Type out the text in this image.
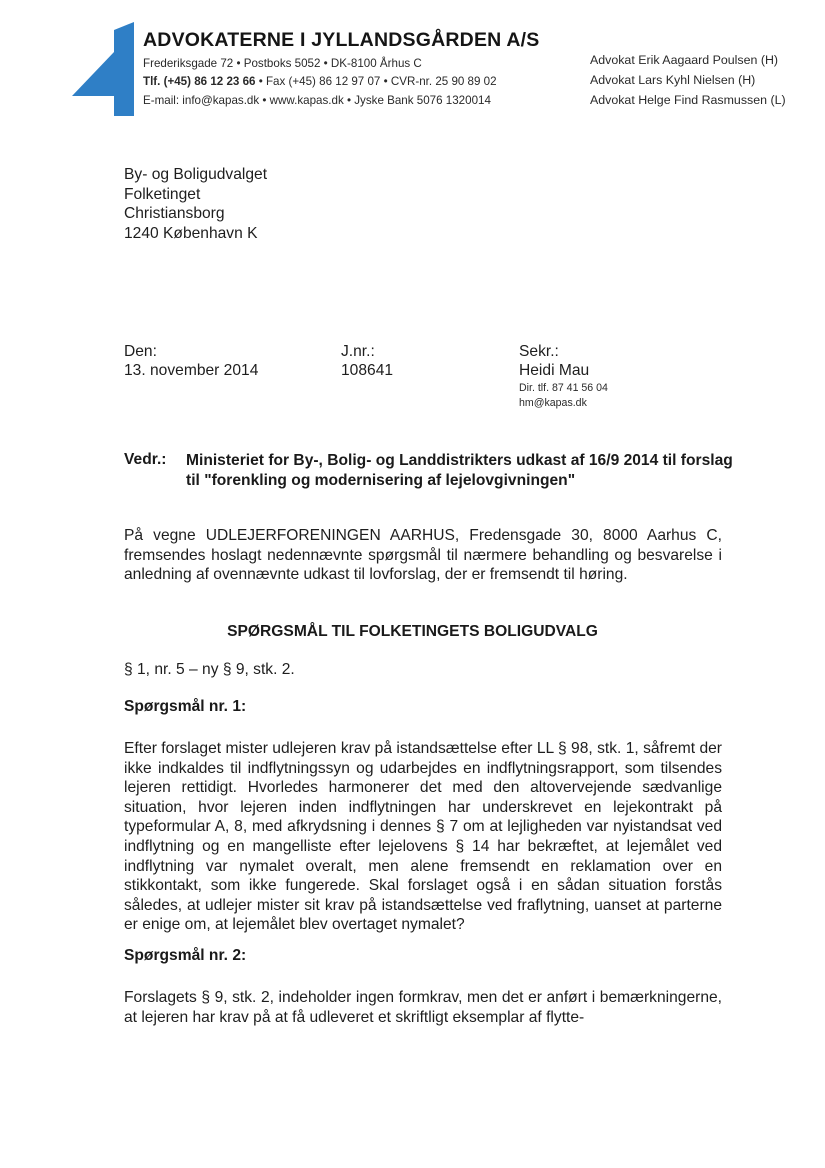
ADVOKATERNE I JYLLANDSGÅRDEN A/S
Frederiksgade 72 • Postboks 5052 • DK-8100 Århus C
Tlf. (+45) 86 12 23 66 • Fax (+45) 86 12 97 07 • CVR-nr. 25 90 89 02
E-mail: info@kapas.dk • www.kapas.dk • Jyske Bank 5076 1320014
Advokat Erik Aagaard Poulsen (H)
Advokat Lars Kyhl Nielsen (H)
Advokat Helge Find Rasmussen (L)
By- og Boligudvalget
Folketinget
Christiansborg
1240 København K
Den:
13. november 2014
J.nr.:
108641
Sekr.:
Heidi Mau
Dir. tlf. 87 41 56 04
hm@kapas.dk
Vedr.: Ministeriet for By-, Bolig- og Landdistrikters udkast af 16/9 2014 til forslag til "forenkling og modernisering af lejelovgivningen"
På vegne UDLEJERFORENINGEN AARHUS, Fredensgade 30, 8000 Aarhus C, fremsendes hoslagt nedennævnte spørgsmål til nærmere behandling og besvarelse i anledning af ovennævnte udkast til lovforslag, der er fremsendt til høring.
SPØRGSMÅL TIL FOLKETINGETS BOLIGUDVALG
§ 1, nr. 5 – ny § 9, stk. 2.
Spørgsmål nr. 1:
Efter forslaget mister udlejeren krav på istandsættelse efter LL § 98, stk. 1, såfremt der ikke indkaldes til indflytningssyn og udarbejdes en indflytningsrapport, som tilsendes lejeren rettidigt. Hvorledes harmonerer det med den altovervejende sædvanlige situation, hvor lejeren inden indflytningen har underskrevet en lejekontrakt på typeformular A, 8, med afkrydsning i dennes § 7 om at lejligheden var nyistandsat ved indflytning og en mangelliste efter lejelovens § 14 har bekræftet, at lejemålet ved indflytning var nymalet overalt, men alene fremsendt en reklamation over en stikkontakt, som ikke fungerede. Skal forslaget også i en sådan situation forstås således, at udlejer mister sit krav på istandsættelse ved fraflytning, uanset at parterne er enige om, at lejemålet blev overtaget nymalet?
Spørgsmål nr. 2:
Forslagets § 9, stk. 2, indeholder ingen formkrav, men det er anført i bemærkningerne, at lejeren har krav på at få udleveret et skriftligt eksemplar af flytte-
